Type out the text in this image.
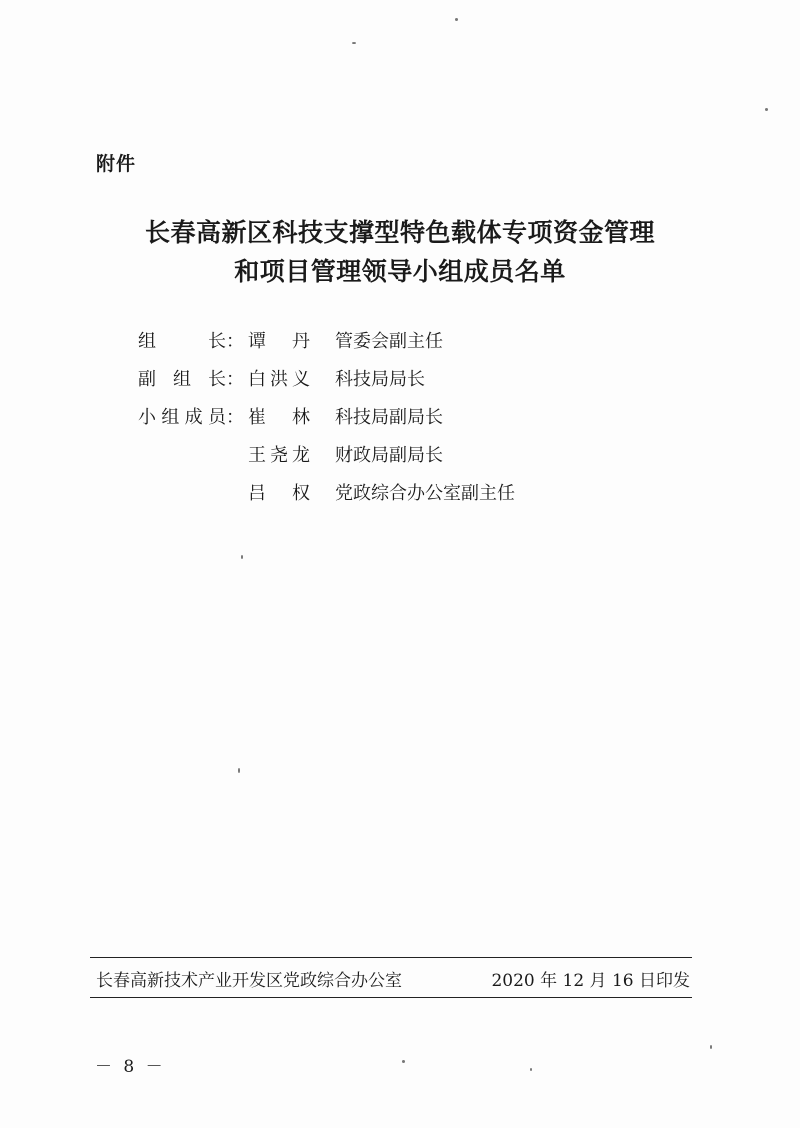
附件
长春高新区科技支撑型特色载体专项资金管理
和项目管理领导小组成员名单
组	长 ： 谭 丹 管委会副主任
副 组 长 ： 白 洪 义 科技局局长
小 组 成 员 ： 崔 林 科技局副局长
王 尧 龙 财政局副局长
吕 权 党政综合办公室副主任
长春高新技术产业开发区党政综合办公室	2020 年 12 月 16 日印发
－ 8 －
